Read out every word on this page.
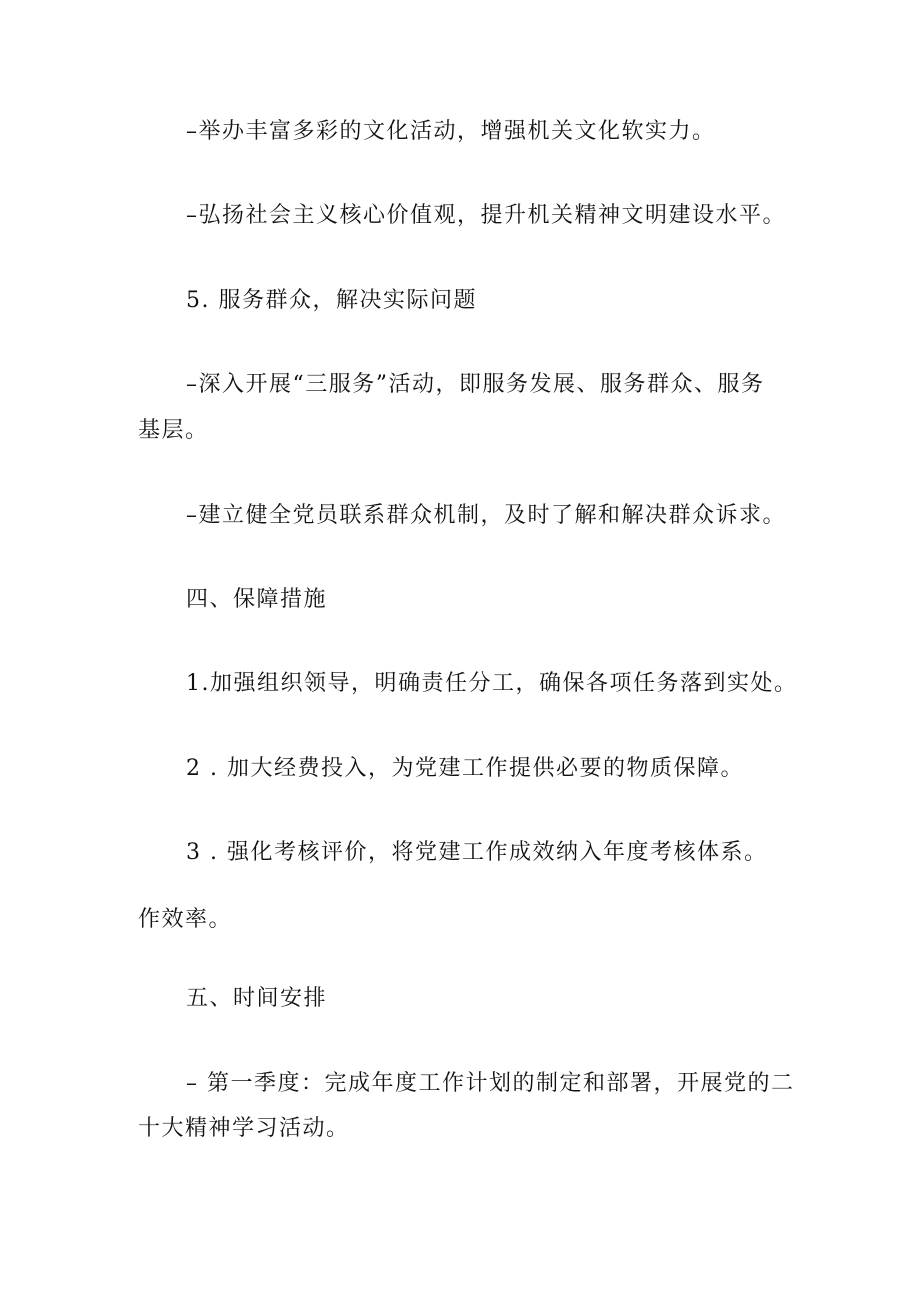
–举办丰富多彩的文化活动，增强机关文化软实力。
–弘扬社会主义核心价值观，提升机关精神文明建设水平。
5. 服务群众，解决实际问题
–深入开展“三服务”活动，即服务发展、服务群众、服务
基层。
–建立健全党员联系群众机制，及时了解和解决群众诉求。
四、保障措施
1.加强组织领导，明确责任分工，确保各项任务落到实处。
2 . 加大经费投入，为党建工作提供必要的物质保障。
3 . 强化考核评价，将党建工作成效纳入年度考核体系。
作效率。
五、时间安排
– 第一季度：完成年度工作计划的制定和部署，开展党的二
十大精神学习活动。
